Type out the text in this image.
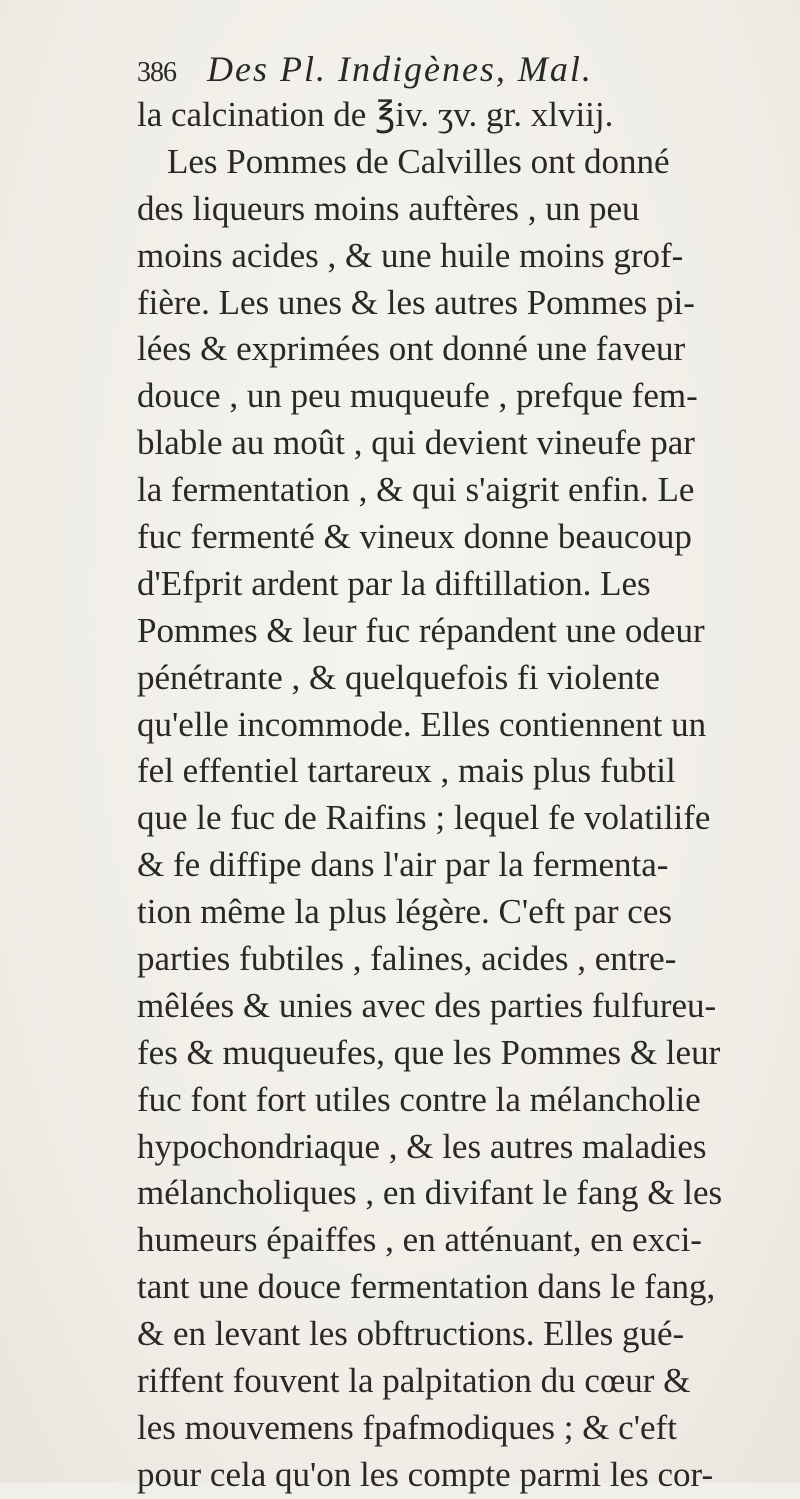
386 Des Pl. Indigènes, Mal.
la calcination de ℥iv. ʒv. gr. xlviij.
Les Pommes de Calvilles ont donné
des liqueurs moins auftères , un peu
moins acides , & une huile moins grof-
fière. Les unes & les autres Pommes pi-
lées & exprimées ont donné une faveur
douce , un peu muqueufe , prefque fem-
blable au moût , qui devient vineufe par
la fermentation , & qui s'aigrit enfin. Le
fuc fermenté & vineux donne beaucoup
d'Efprit ardent par la diftillation. Les
Pommes & leur fuc répandent une odeur
pénétrante , & quelquefois fi violente
qu'elle incommode. Elles contiennent un
fel effentiel tartareux , mais plus fubtil
que le fuc de Raifins ; lequel fe volatilife
& fe diffipe dans l'air par la fermenta-
tion même la plus légère. C'eft par ces
parties fubtiles , falines, acides , entre-
mêlées & unies avec des parties fulfureu-
fes & muqueufes, que les Pommes & leur
fuc font fort utiles contre la mélancholie
hypochondriaque , & les autres maladies
mélancholiques , en divifant le fang & les
humeurs épaiffes , en atténuant, en exci-
tant une douce fermentation dans le fang,
& en levant les obftructions. Elles gué-
riffent fouvent la palpitation du cœur &
les mouvemens fpafmodiques ; & c'eft
pour cela qu'on les compte parmi les cor-
